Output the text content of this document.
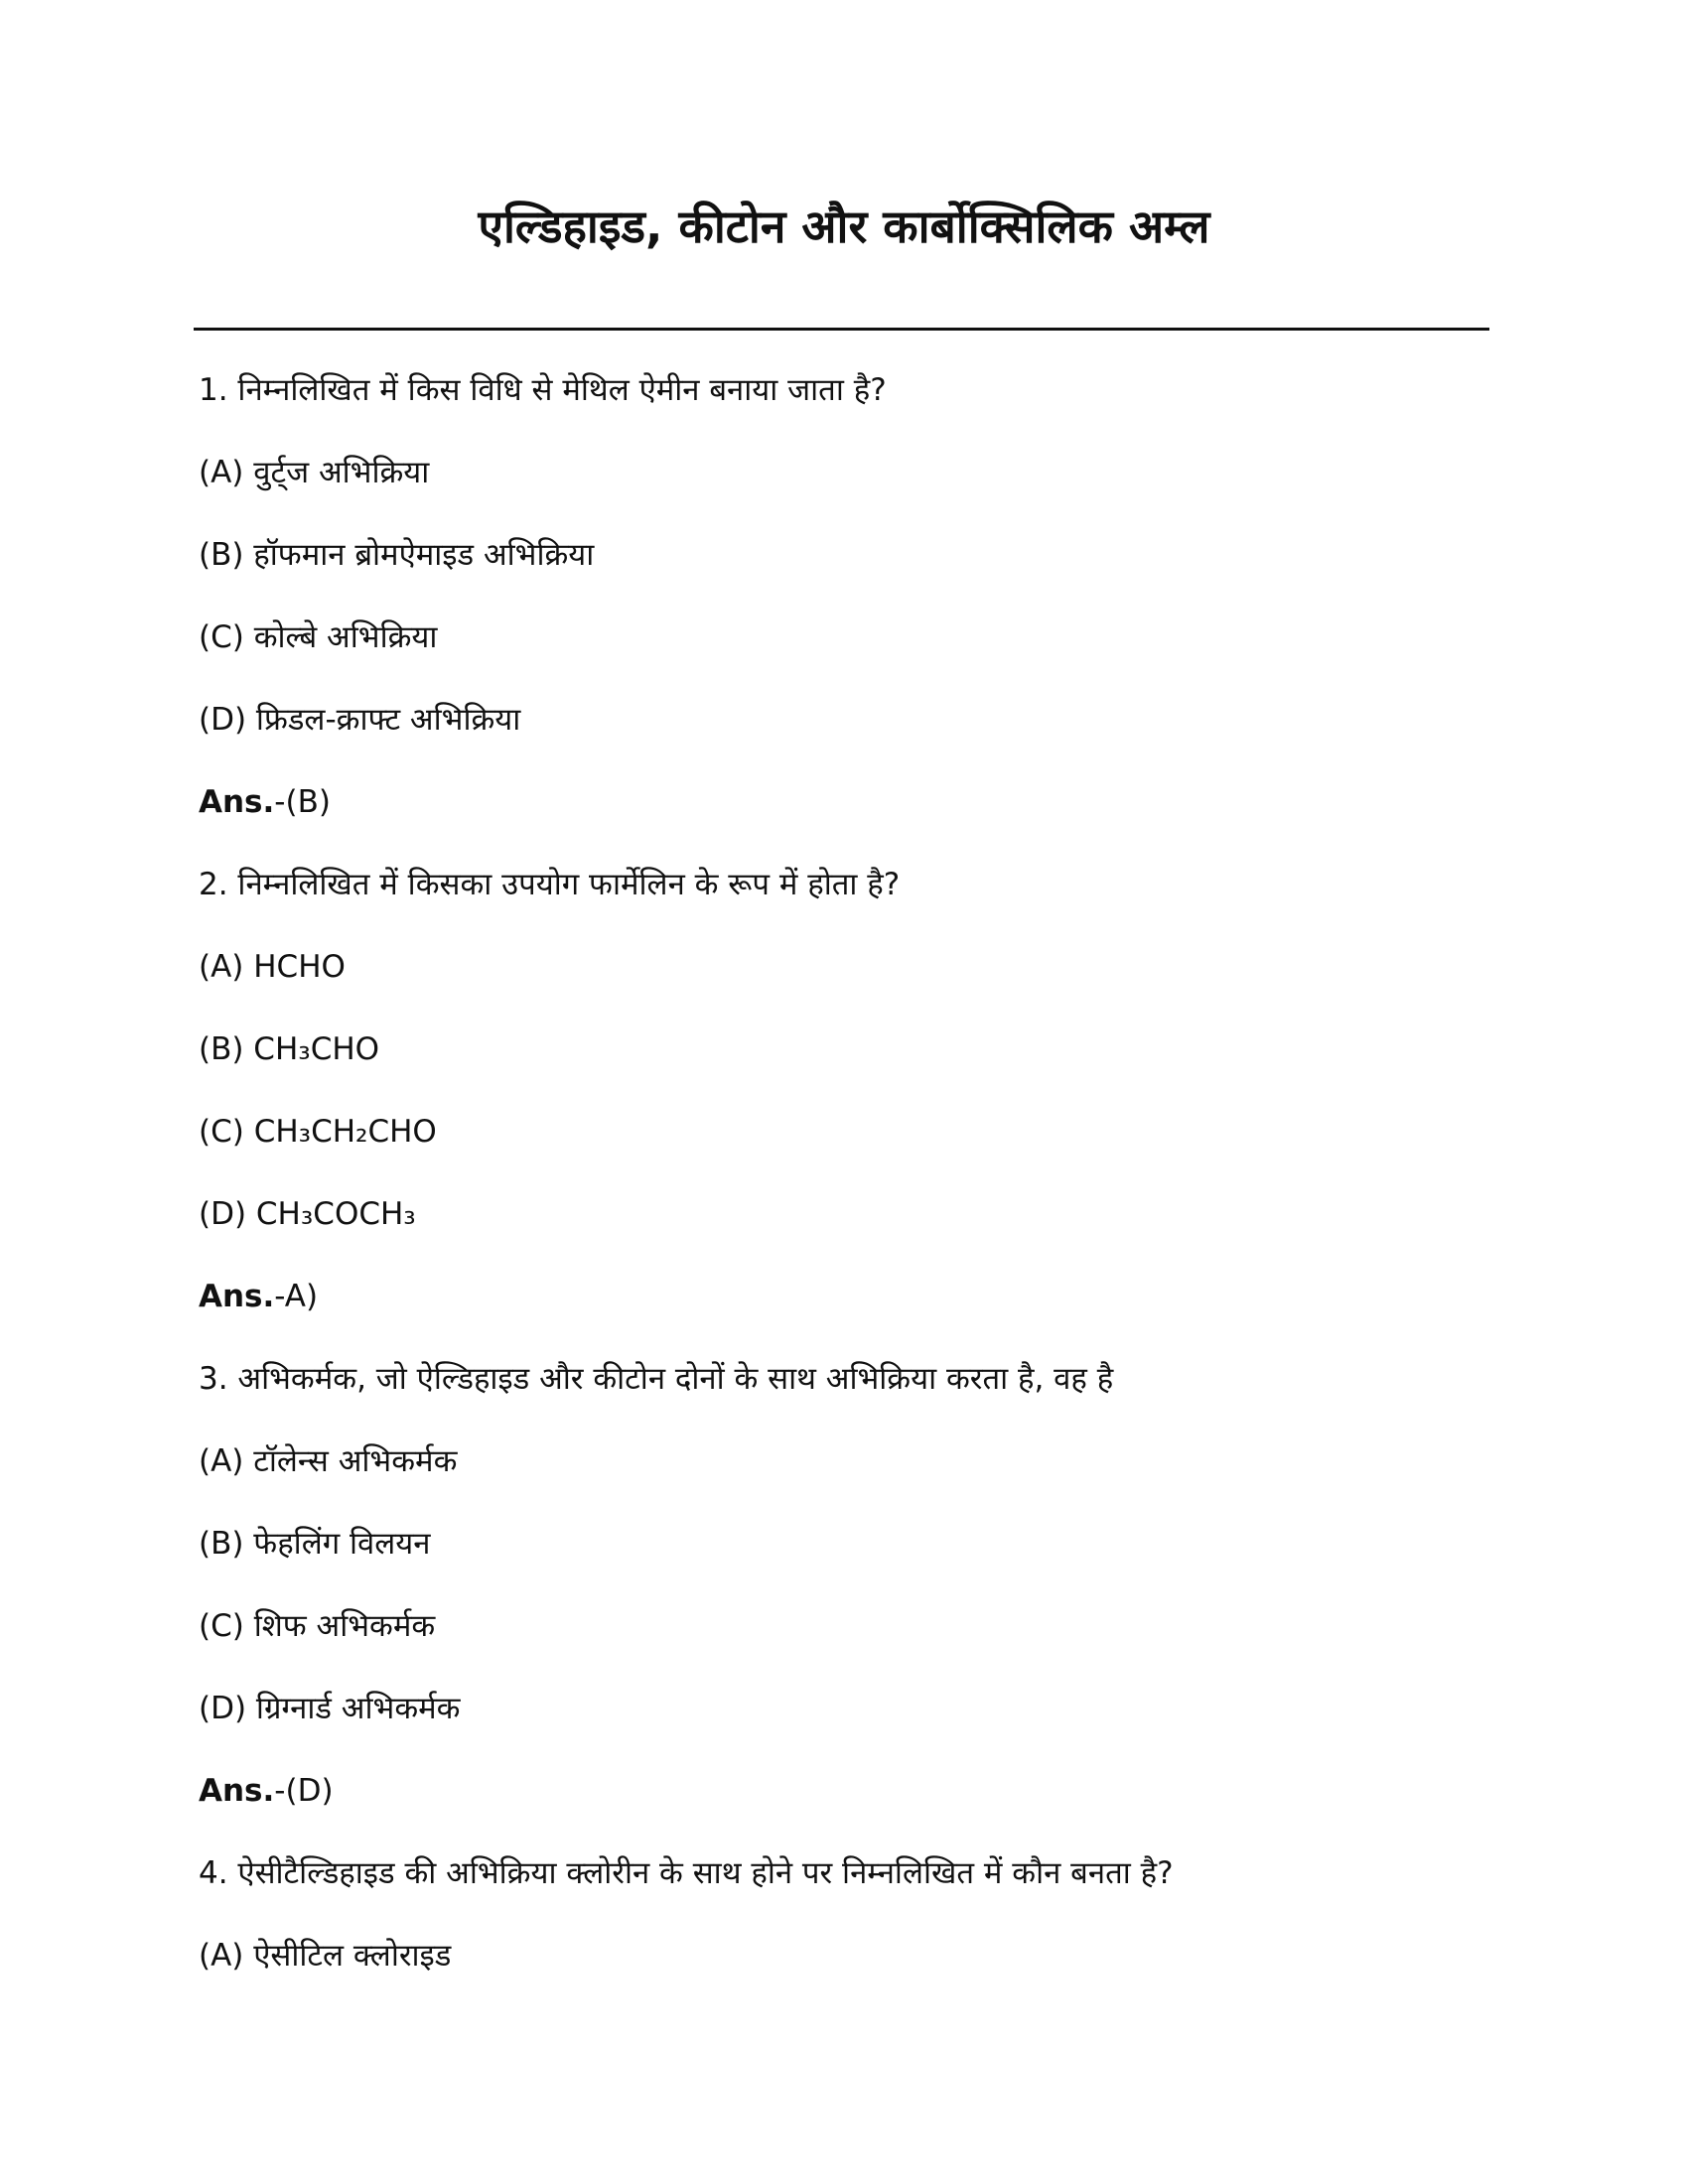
एल्डिहाइड, कीटोन और कार्बोक्सिलिक अम्ल
1. निम्नलिखित में किस विधि से मेथिल ऐमीन बनाया जाता है?
(A) वुर्ट्ज अभिक्रिया
(B) हॉफमान ब्रोमऐमाइड अभिक्रिया
(C) कोल्बे अभिक्रिया
(D) फ्रिडल-क्राफ्ट अभिक्रिया
Ans.-(B)
2. निम्नलिखित में किसका उपयोग फार्मेलिन के रूप में होता है?
(A) HCHO
(B) CH₃CHO
(C) CH₃CH₂CHO
(D) CH₃COCH₃
Ans.-A)
3. अभिकर्मक, जो ऐल्डिहाइड और कीटोन दोनों के साथ अभिक्रिया करता है, वह है
(A) टॉलेन्स अभिकर्मक
(B) फेहलिंग विलयन
(C) शिफ अभिकर्मक
(D) ग्रिग्नार्ड अभिकर्मक
Ans.-(D)
4. ऐसीटैल्डिहाइड की अभिक्रिया क्लोरीन के साथ होने पर निम्नलिखित में कौन बनता है?
(A) ऐसीटिल क्लोराइड
